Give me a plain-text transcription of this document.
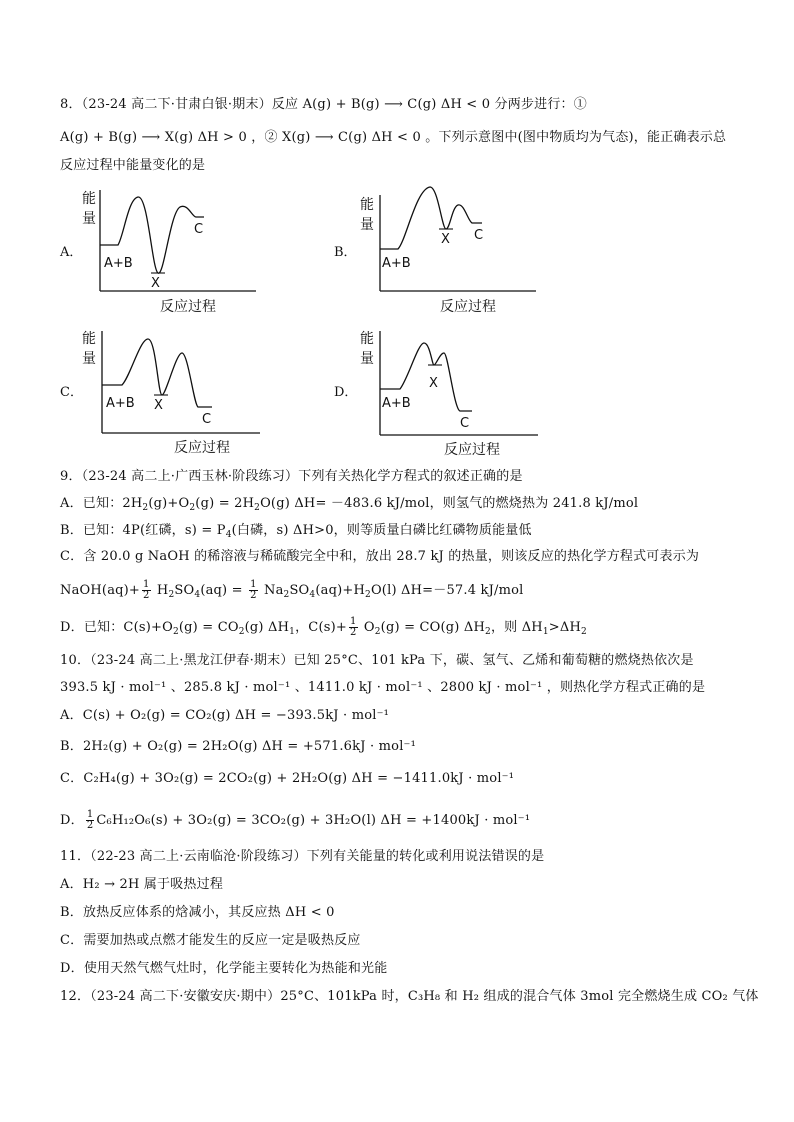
8．（23-24 高二下·甘肃白银·期末）反应 A(g) + B(g) ⟶ C(g) ΔH < 0 分两步进行：①
A(g) + B(g) ⟶ X(g) ΔH > 0 ，② X(g) ⟶ C(g) ΔH < 0 。下列示意图中(图中物质均为气态)，能正确表示总
反应过程中能量变化的是
A．	B．
C．	D．
能
量
A+B
X
C
反应过程
能
量
A+B
X C
反应过程
能
量
A+B X
C
反应过程
能
量
A+B
X
C
反应过程
9．（23-24 高二上·广西玉林·阶段练习）下列有关热化学方程式的叙述正确的是
A．已知：$2H_2(g)+O_2(g) = 2H_2O(g)$ ΔH= －483.6 kJ/mol，则氢气的燃烧热为 241.8 kJ/mol
B．已知：4P(红磷，$s) = P_4$(白磷，s) ΔH>0，则等质量白磷比红磷物质能量低
C．含 20.0 g NaOH 的稀溶液与稀硫酸完全中和，放出 28.7 kJ 的热量，则该反应的热化学方程式可表示为
NaOH(aq)+ $\frac{1}{2} H_2SO_4(aq) = \frac{1}{2} Na_2SO_4(aq)+H_2O(l)$ ΔH=－57.4 kJ/mol
D．已知：$C(s)+O_2(g) = CO_2(g)$ $\Delta H_1$，$C(s)+ \frac{1}{2} O_2(g) = CO(g)$ $\Delta H_2$，则 $\Delta H_1>\Delta H_2$
10．（23-24 高二上·黑龙江伊春·期末）已知 25°C、101 kPa 下，碳、氢气、乙烯和葡萄糖的燃烧热依次是
393.5 kJ · mol⁻¹ 、285.8 kJ · mol⁻¹ 、1411.0 kJ · mol⁻¹ 、2800 kJ · mol⁻¹ ，则热化学方程式正确的是
A．C(s) + O₂(g) = CO₂(g) ΔH = −393.5kJ · mol⁻¹
B．2H₂(g) + O₂(g) = 2H₂O(g) ΔH = +571.6kJ · mol⁻¹
C．C₂H₄(g) + 3O₂(g) = 2CO₂(g) + 2H₂O(g) ΔH = −1411.0kJ · mol⁻¹
D． $\frac{1}{2} C_6H_{12}O_6(s) + 3O_2(g) = 3CO_2(g) + 3H_2O(l) \Delta H = +1400kJ \cdot mol^{-1}$
11．（22-23 高二上·云南临沧·阶段练习）下列有关能量的转化或利用说法错误的是
A．H₂ → 2H 属于吸热过程
B．放热反应体系的焓减小，其反应热 ΔH < 0
C．需要加热或点燃才能发生的反应一定是吸热反应
D．使用天然气燃气灶时，化学能主要转化为热能和光能
12．（23-24 高二下·安徽安庆·期中）25°C、101kPa 时，C₃H₈ 和 H₂ 组成的混合气体 3mol 完全燃烧生成 CO₂ 气体
